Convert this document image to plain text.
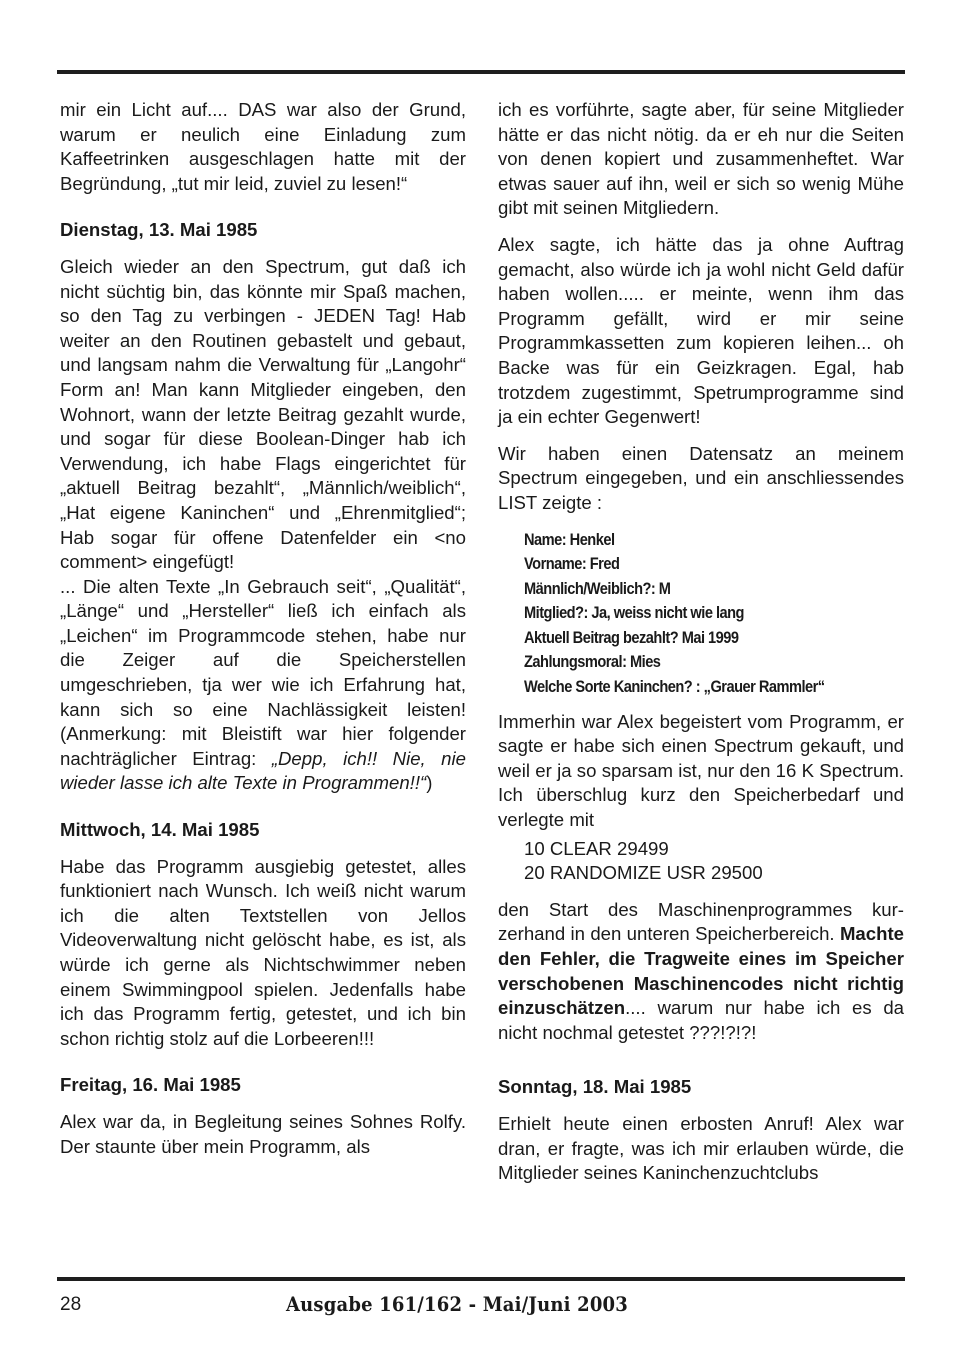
mir ein Licht auf.... DAS war also der Grund, warum er neulich eine Einladung zum Kaffeetrinken ausgeschlagen hatte mit der Begründung, „tut mir leid, zuviel zu lesen!“

Dienstag, 13. Mai 1985

Gleich wieder an den Spectrum, gut daß ich nicht süchtig bin, das könnte mir Spaß machen, so den Tag zu verbingen - JEDEN Tag! Hab weiter an den Routinen gebastelt und gebaut, und langsam nahm die Verwaltung für „Langohr“ Form an! Man kann Mitglieder eingeben, den Wohnort, wann der letzte Beitrag gezahlt wurde, und sogar für diese Boolean-Dinger hab ich Verwendung, ich habe Flags eingerichtet für „aktuell Beitrag bezahlt“, „Männlich/weiblich“, „Hat eigene Kaninchen“ und „Ehrenmitglied“; Hab sogar für offene Datenfelder ein <no comment> eingefügt!

... Die alten Texte „In Gebrauch seit“, „Qualität“, „Länge“ und „Hersteller“ ließ ich einfach als „Leichen“ im Programmcode stehen, habe nur die Zeiger auf die Speicherstellen umgeschrieben, tja wer wie ich Erfahrung hat, kann sich so eine Nachlässigkeit leisten! (Anmerkung: mit Bleistift war hier folgender nachträglicher Eintrag: „Depp, ich!! Nie, nie wieder lasse ich alte Texte in Programmen!!“)

Mittwoch, 14. Mai 1985

Habe das Programm ausgiebig getestet, alles funktioniert nach Wunsch. Ich weiß nicht warum ich die alten Textstellen von Jellos Videoverwaltung nicht gelöscht habe, es ist, als würde ich gerne als Nichtschwimmer neben einem Swimmingpool spielen. Jedenfalls habe ich das Programm fertig, getestet, und ich bin schon richtig stolz auf die Lorbeeren!!!

Freitag, 16. Mai 1985

Alex war da, in Begleitung seines Sohnes Rolfy. Der staunte über mein Programm, als

ich es vorführte, sagte aber, für seine Mitglieder hätte er das nicht nötig. da er eh nur die Seiten von denen kopiert und zusammenheftet. War etwas sauer auf ihn, weil er sich so wenig Mühe gibt mit seinen Mitgliedern.

Alex sagte, ich hätte das ja ohne Auftrag gemacht, also würde ich ja wohl nicht Geld dafür haben wollen..... er meinte, wenn ihm das Programm gefällt, wird er mir seine Programmkassetten zum kopieren leihen... oh Backe was für ein Geizkragen. Egal, hab trotzdem zugestimmt, Spetrumprogramme sind ja ein echter Gegenwert!

Wir haben einen Datensatz an meinem Spectrum eingegeben, und ein anschliessendes LIST zeigte :

Name: Henkel
Vorname: Fred
Männlich/Weiblich?: M
Mitglied?: Ja, weiss nicht wie lang
Aktuell Beitrag bezahlt? Mai 1999
Zahlungsmoral: Mies
Welche Sorte Kaninchen? : „Grauer Rammler“

Immerhin war Alex begeistert vom Programm, er sagte er habe sich einen Spectrum gekauft, und weil er ja so sparsam ist, nur den 16 K Spectrum. Ich überschlug kurz den Speicherbedarf und verlegte mit

10 CLEAR 29499
20 RANDOMIZE USR 29500

den Start des Maschinenprogrammes kurzerhand in den unteren Speicherbereich. Machte den Fehler, die Tragweite eines im Speicher verschobenen Maschinencodes nicht richtig einzuschätzen.... warum nur habe ich es da nicht nochmal getestet ???!?!?!

Sonntag, 18. Mai 1985

Erhielt heute einen erbosten Anruf! Alex war dran, er fragte, was ich mir erlauben würde, die Mitglieder seines Kaninchenzuchtclubs

28	Ausgabe 161/162 - Mai/Juni 2003
